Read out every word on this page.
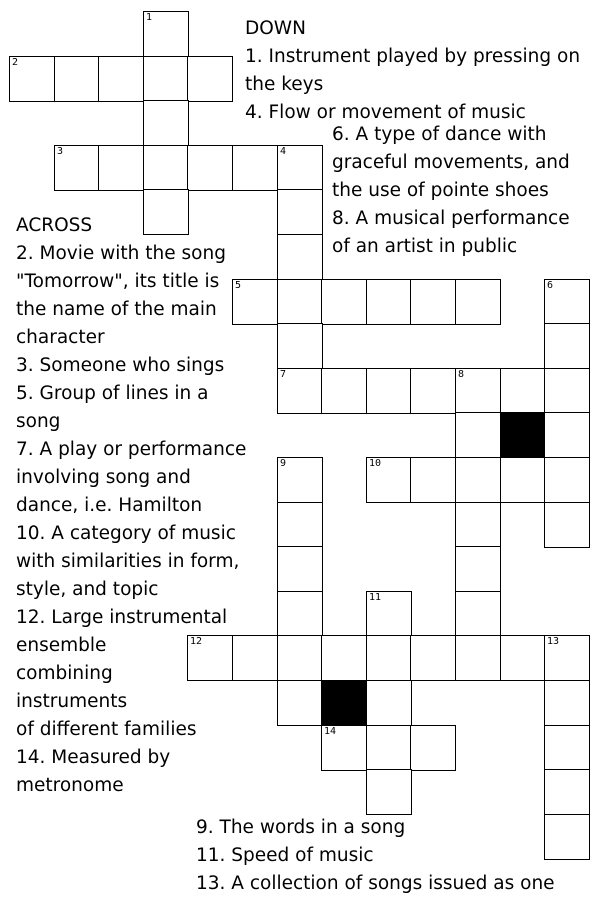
1
2
3	4
5	6
7	8
9	10
11
12	13
14
DOWN
1. Instrument played by pressing on
the keys
4. Flow or movement of music
6. A type of dance with
graceful movements, and
the use of pointe shoes
8. A musical performance
of an artist in public
ACROSS
2. Movie with the song
"Tomorrow", its title is
the name of the main
character
3. Someone who sings
5. Group of lines in a
song
7. A play or performance
involving song and
dance, i.e. Hamilton
10. A category of music
with similarities in form,
style, and topic
12. Large instrumental
ensemble
combining
instruments
of different families
14. Measured by
metronome
9. The words in a song
11. Speed of music
13. A collection of songs issued as one
